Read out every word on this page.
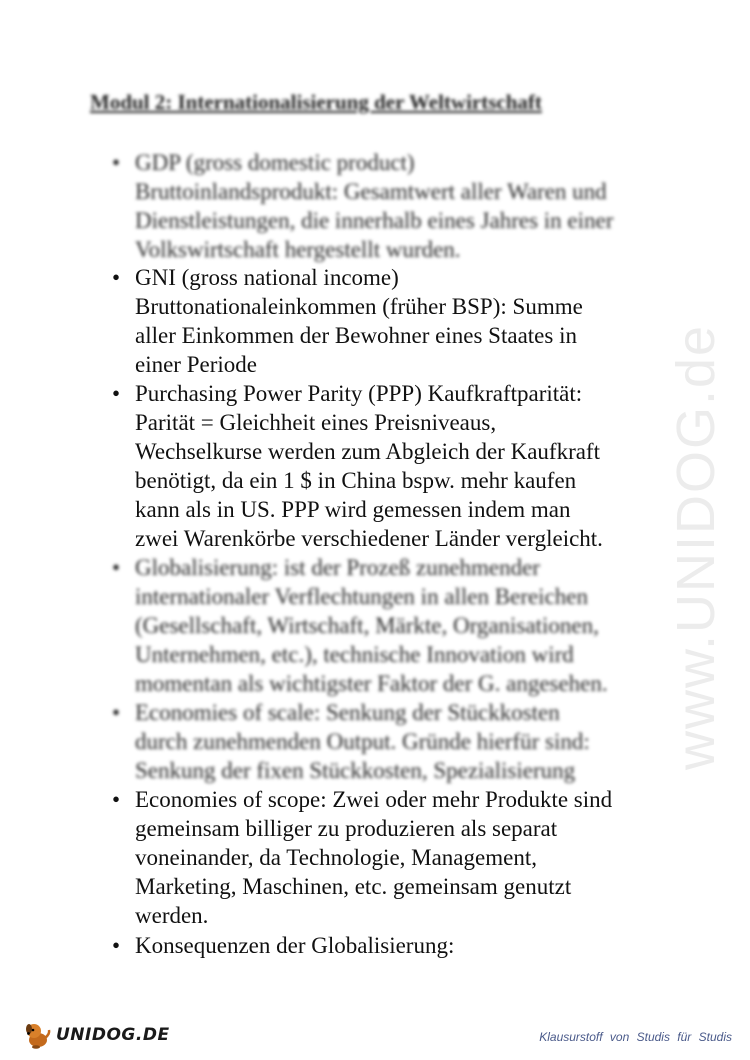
www.UNIDOG.de
Modul 2: Internationalisierung der Weltwirtschaft
• GDP (gross domestic product)
Bruttoinlandsprodukt: Gesamtwert aller Waren und
Dienstleistungen, die innerhalb eines Jahres in einer
Volkswirtschaft hergestellt wurden.
• GNI (gross national income)
Bruttonationaleinkommen (früher BSP): Summe
aller Einkommen der Bewohner eines Staates in
einer Periode
• Purchasing Power Parity (PPP) Kaufkraftparität:
Parität = Gleichheit eines Preisniveaus,
Wechselkurse werden zum Abgleich der Kaufkraft
benötigt, da ein 1 $ in China bspw. mehr kaufen
kann als in US. PPP wird gemessen indem man
zwei Warenkörbe verschiedener Länder vergleicht.
• Globalisierung: ist der Prozeß zunehmender
internationaler Verflechtungen in allen Bereichen
(Gesellschaft, Wirtschaft, Märkte, Organisationen,
Unternehmen, etc.), technische Innovation wird
momentan als wichtigster Faktor der G. angesehen.
• Economies of scale: Senkung der Stückkosten
durch zunehmenden Output. Gründe hierfür sind:
Senkung der fixen Stückkosten, Spezialisierung
• Economies of scope: Zwei oder mehr Produkte sind
gemeinsam billiger zu produzieren als separat
voneinander, da Technologie, Management,
Marketing, Maschinen, etc. gemeinsam genutzt
werden.
• Konsequenzen der Globalisierung:
UNIDOG.DE	Klausurstoff von Studis für Studis
